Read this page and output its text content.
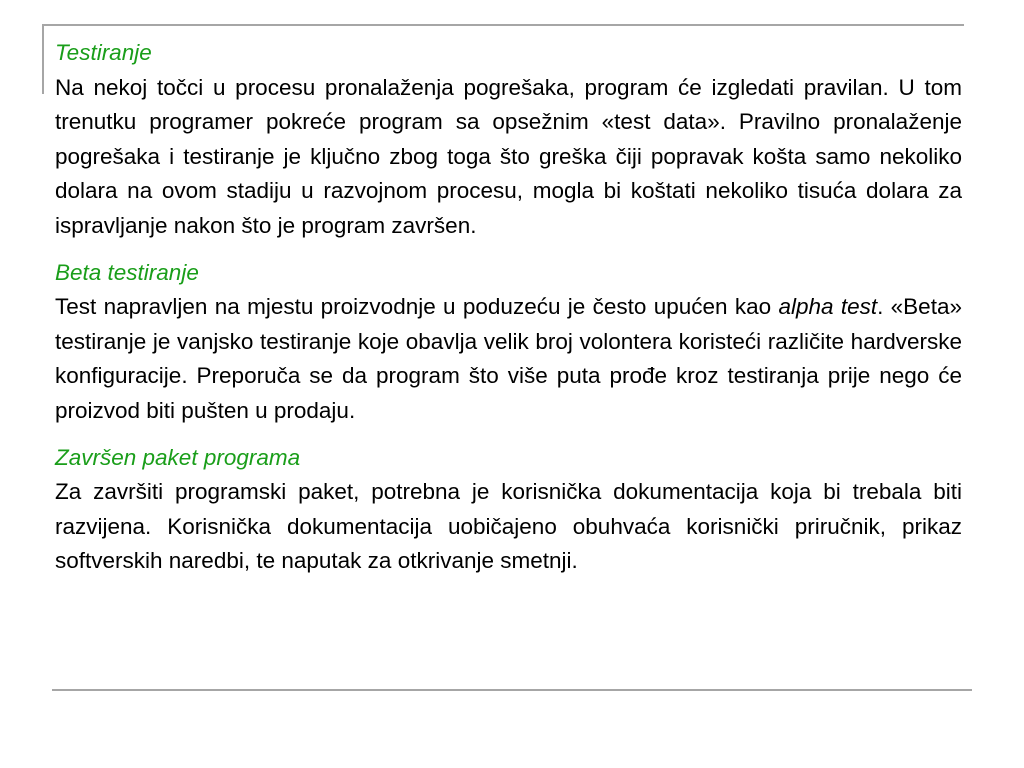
Testiranje

Na nekoj točci u procesu pronalaženja pogrešaka, program će izgledati pravilan. U tom trenutku programer pokreće program sa opsežnim «test data». Pravilno pronalaženje pogrešaka i testiranje je ključno zbog toga što greška čiji popravak košta samo nekoliko dolara na ovom stadiju u razvojnom procesu, mogla bi koštati nekoliko tisuća dolara za ispravljanje nakon što je program završen.

Beta testiranje

Test napravljen na mjestu proizvodnje u poduzeću je često upućen kao alpha test. «Beta» testiranje je vanjsko testiranje koje obavlja velik broj volontera koristeći različite hardverske konfiguracije. Preporuča se da program što više puta prođe kroz testiranja prije nego će proizvod biti pušten u prodaju.

Završen paket programa

Za završiti programski paket, potrebna je korisnička dokumentacija koja bi trebala biti razvijena. Korisnička dokumentacija uobičajeno obuhvaća korisnički priručnik, prikaz softverskih naredbi, te naputak za otkrivanje smetnji.
